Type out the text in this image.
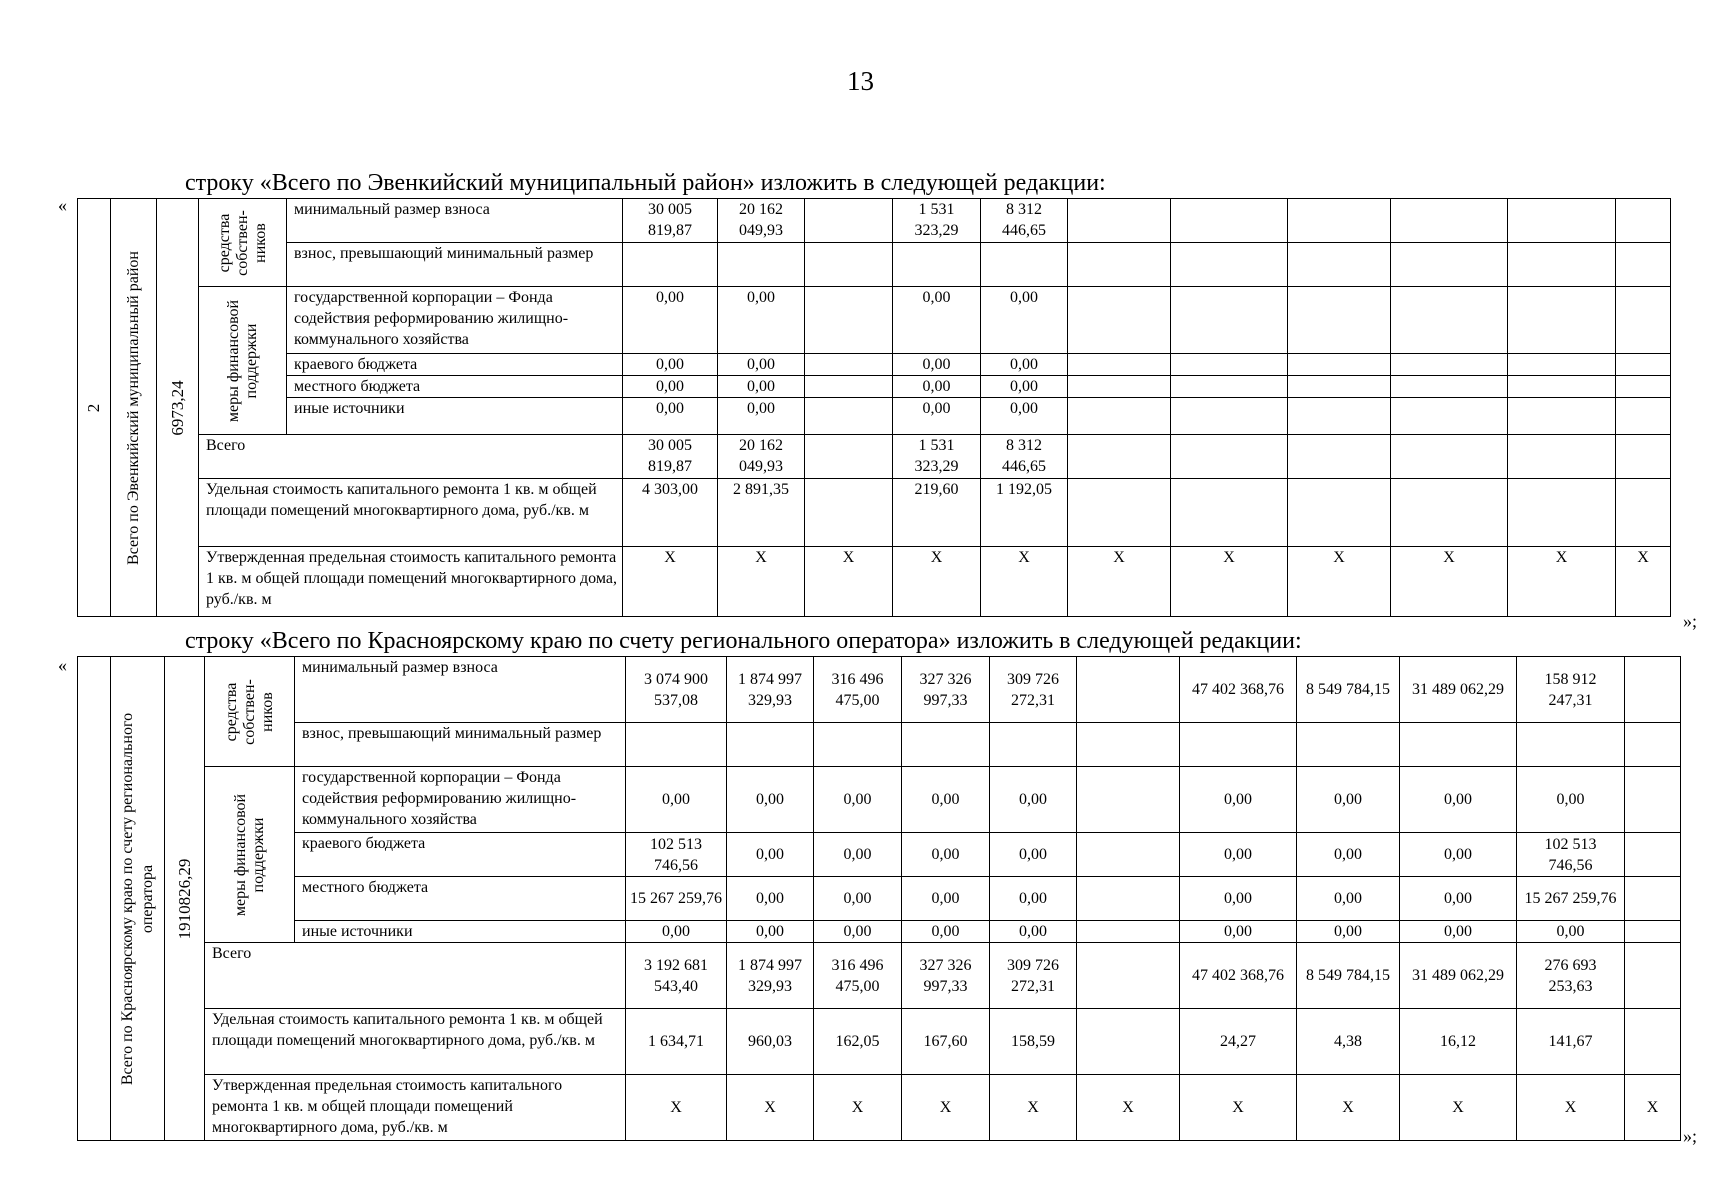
13
строку «Всего по Эвенкийский муниципальный район» изложить в следующей редакции:
«
»;
2	Всего по Эвенкийский муниципальный район	6973,24	средства собствен-ников	минимальный размер взноса	30 005 819,87	20 162 049,93		1 531 323,29	8 312 446,65						
				взнос, превышающий минимальный размер											

			меры финансовой поддержки	государственной корпорации – Фонда содействия реформированию жилищно-коммунального хозяйства	0,00	0,00		0,00	0,00						
				краевого бюджета	0,00	0,00		0,00	0,00						
				местного бюджета	0,00	0,00		0,00	0,00						
				иные источники	0,00	0,00		0,00	0,00						
			Всего		30 005 819,87	20 162 049,93		1 531 323,29	8 312 446,65						
			Удельная стоимость капитального ремонта 1 кв. м общей площади помещений многоквартирного дома, руб./кв. м		4 303,00	2 891,35		219,60	1 192,05						
			Утвержденная предельная стоимость капитального ремонта 1 кв. м общей площади помещений многоквартирного дома, руб./кв. м		X	X	X	X	X	X	X	X	X	X	X
строку «Всего по Красноярскому краю по счету регионального оператора» изложить в следующей редакции:
«
»;

	Всего по Красноярскому краю по счету регионального оператора	1910826,29	средства собствен-ников	минимальный размер взноса	3 074 900 537,08	1 874 997 329,93	316 496 475,00	327 326 997,33	309 726 272,31		47 402 368,76	8 549 784,15	31 489 062,29	158 912 247,31	
				взнос, превышающий минимальный размер											

			меры финансовой поддержки	государственной корпорации – Фонда содействия реформированию жилищно-коммунального хозяйства	0,00	0,00	0,00	0,00	0,00		0,00	0,00	0,00	0,00	
				краевого бюджета	102 513 746,56	0,00	0,00	0,00	0,00		0,00	0,00	0,00	102 513 746,56	
				местного бюджета	15 267 259,76	0,00	0,00	0,00	0,00		0,00	0,00	0,00	15 267 259,76	
				иные источники	0,00	0,00	0,00	0,00	0,00		0,00	0,00	0,00	0,00	
			Всего		3 192 681 543,40	1 874 997 329,93	316 496 475,00	327 326 997,33	309 726 272,31		47 402 368,76	8 549 784,15	31 489 062,29	276 693 253,63	
			Удельная стоимость капитального ремонта 1 кв. м общей площади помещений многоквартирного дома, руб./кв. м		1 634,71	960,03	162,05	167,60	158,59		24,27	4,38	16,12	141,67	
			Утвержденная предельная стоимость капитального ремонта 1 кв. м общей площади помещений многоквартирного дома, руб./кв. м		X	X	X	X	X	X	X	X	X	X	X
